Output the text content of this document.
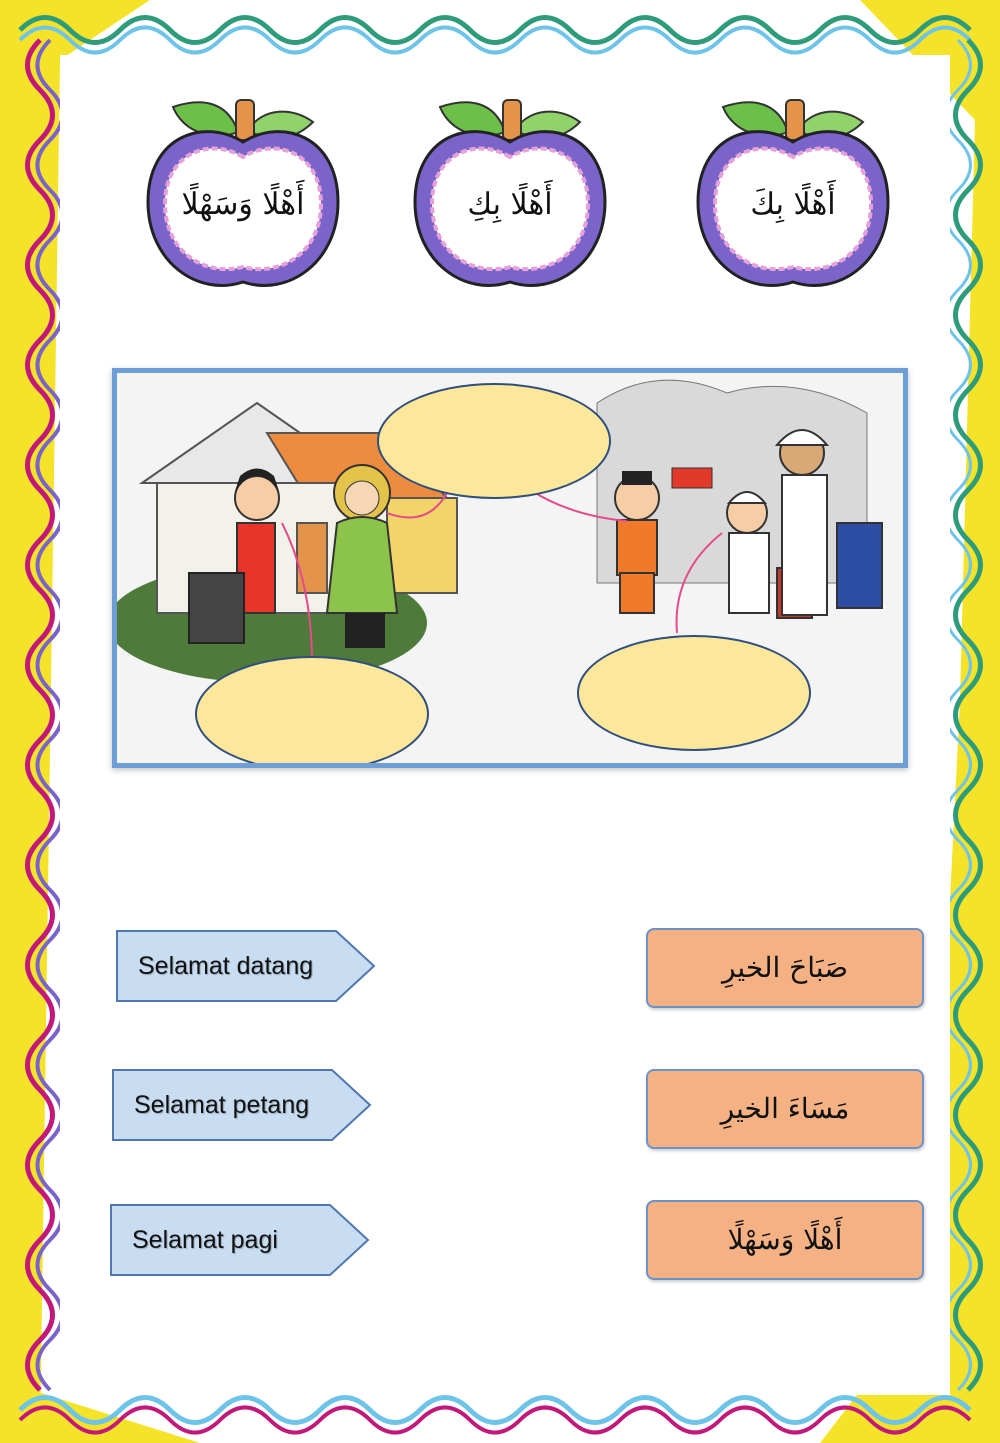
أَهْلًا وَسَهْلًا	أَهْلًا بِكِ	أَهْلًا بِكَ
Selamat datang
Selamat petang
Selamat pagi
صَبَاحَ الخيرِ
مَسَاءَ الخيرِ
أَهْلًا وَسَهْلًا
